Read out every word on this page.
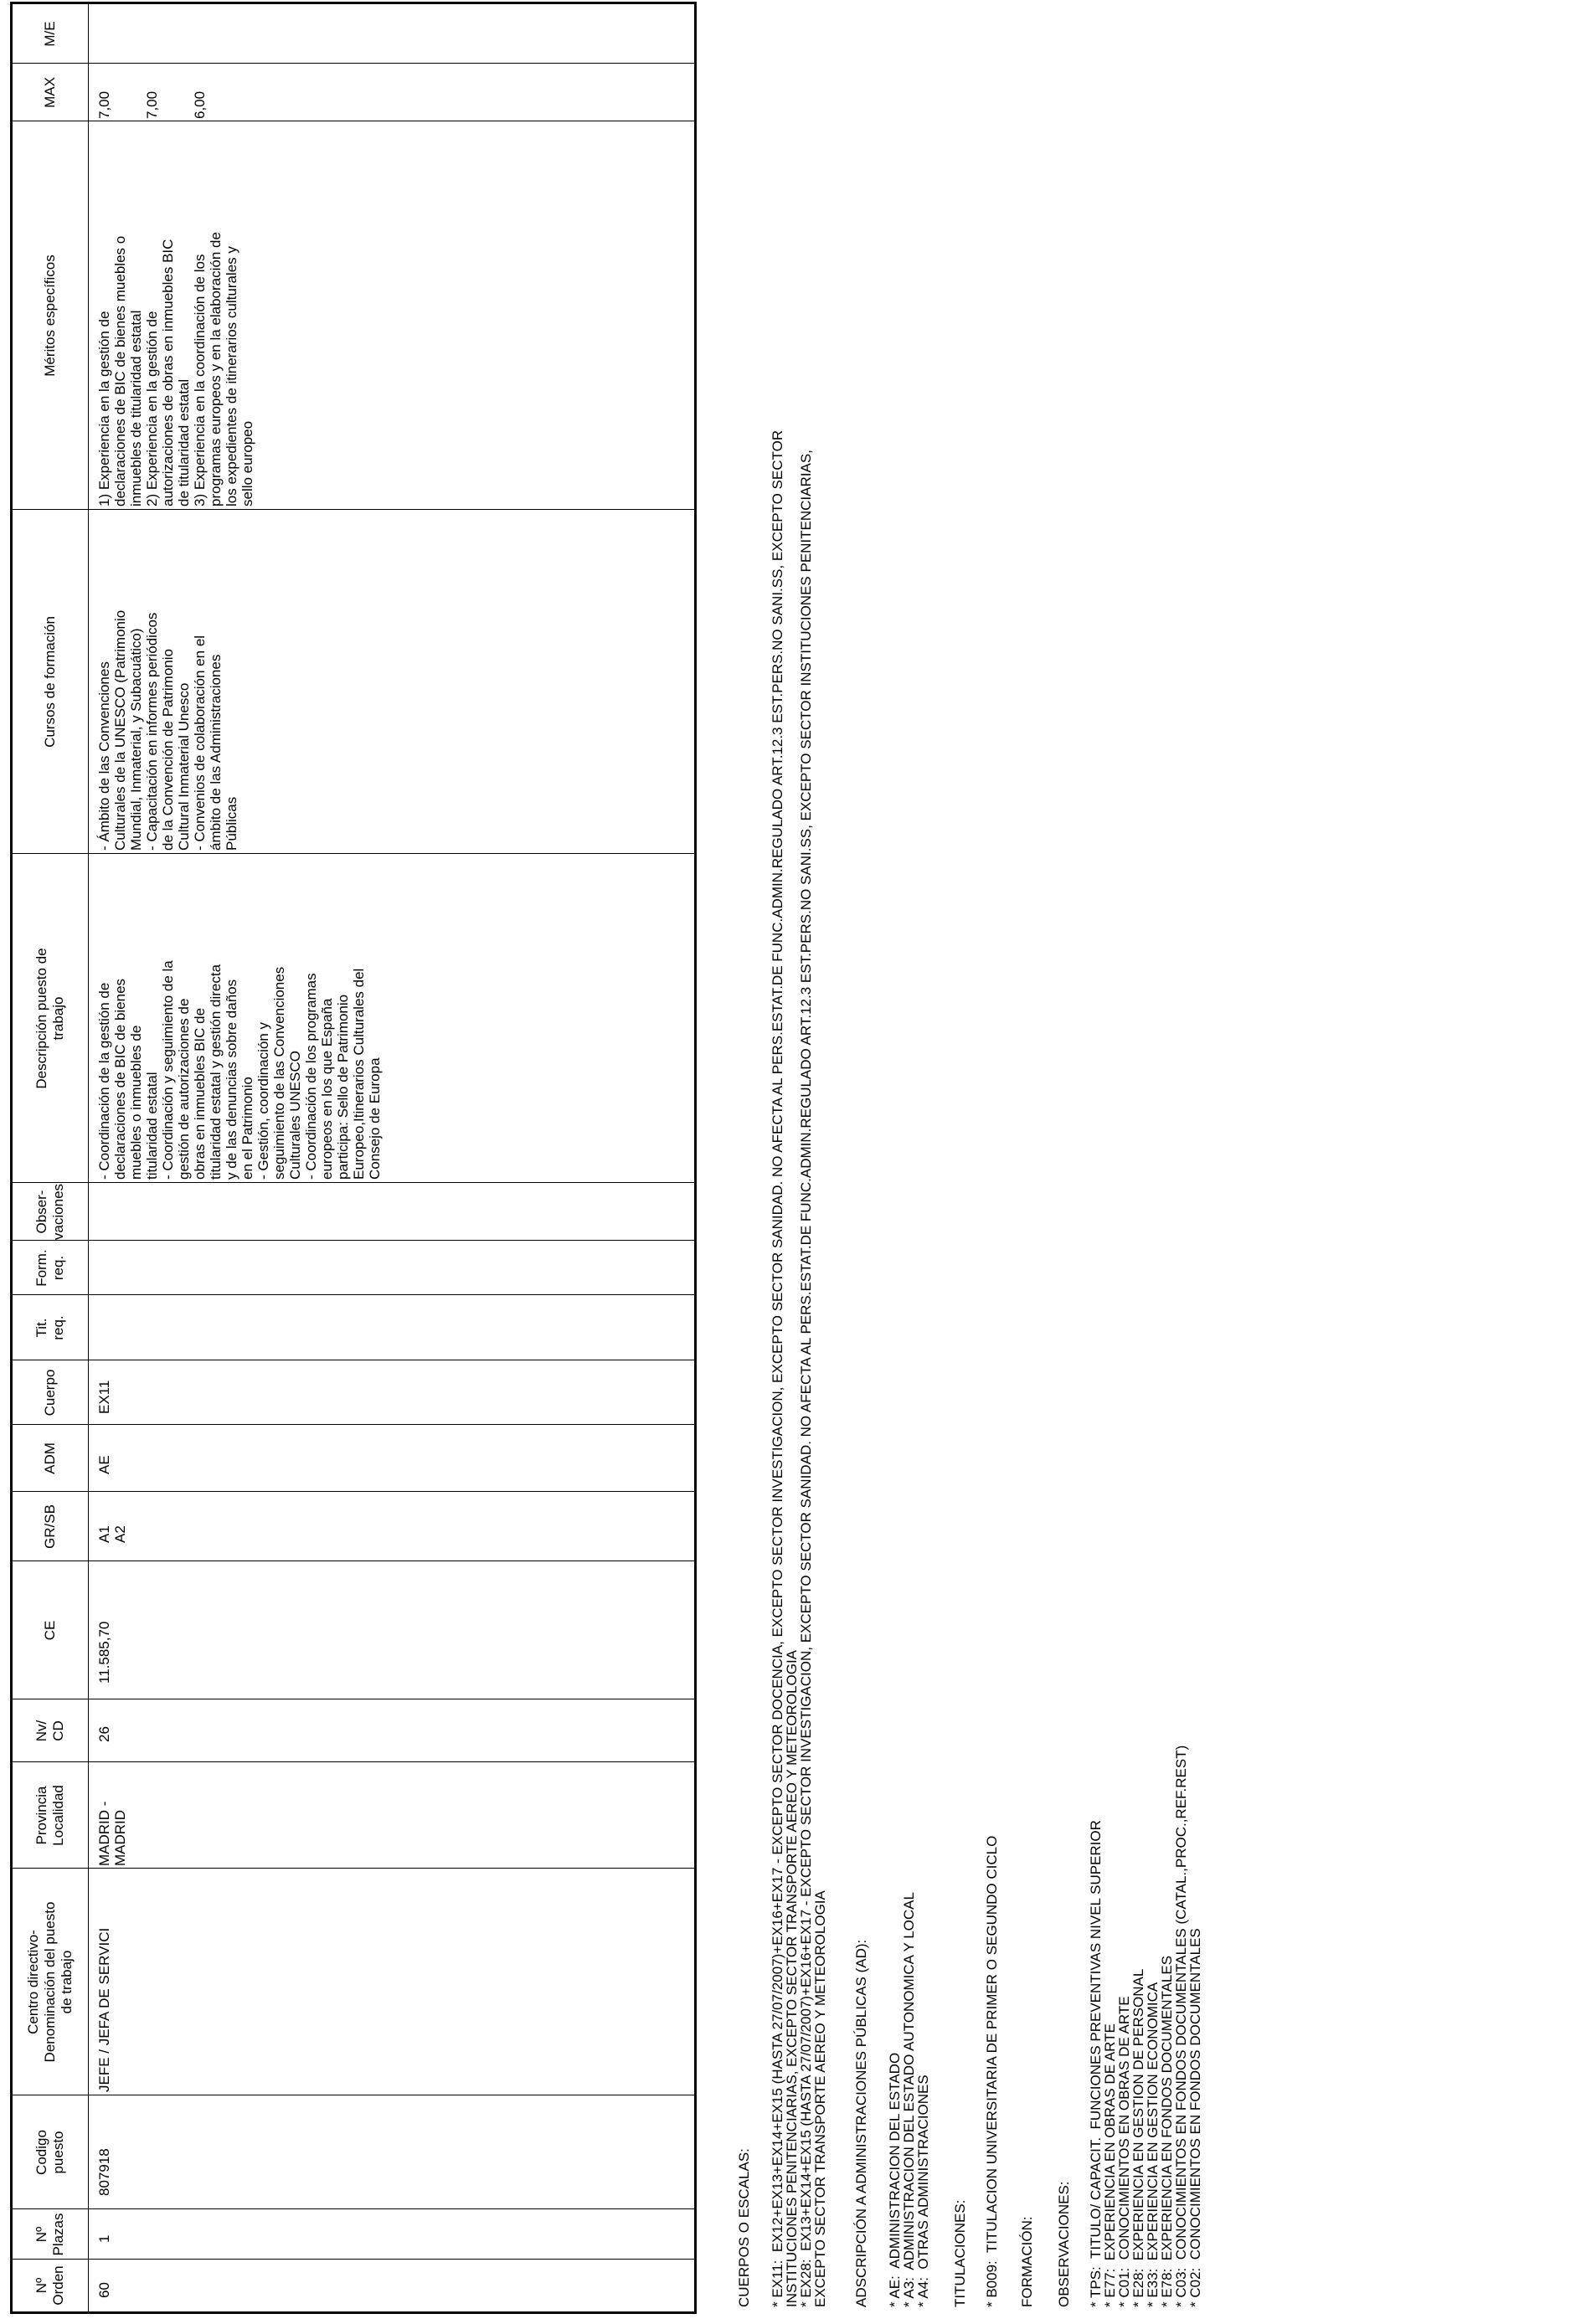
Nº
Orden
Nº
Plazas
Codigo
puesto
Centro directivo-
Denominación del puesto
de trabajo
Provincia
Localidad
Nv/
CD
CE
GR/SB
ADM
Cuerpo
Tit.
req.
Form.
req.
Obser-
vaciones
Descripción puesto de
trabajo
Cursos de formación
Méritos específicos
MAX
M/E
60
1
807918
JEFE / JEFA DE SERVICI
MADRID -
MADRID
26
11.585,70
A1
A2
AE
EX11
- Coordinación de la gestión de
declaraciones de BIC de bienes
muebles o inmuebles de
titularidad estatal
- Coordinación y seguimiento de la
gestión de autorizaciones de
obras en inmuebles BIC de
titularidad estatal y gestión directa
y de las denuncias sobre daños
en el Patrimonio
- Gestión, coordinación y
seguimiento de las Convenciones
Culturales UNESCO
- Coordinación de los programas
europeos en los que España
participa: Sello de Patrimonio
Europeo,Itinerarios Culturales del
Consejo de Europa
- Ámbito de las Convenciones
Culturales de la UNESCO (Patrimonio
Mundial, Inmaterial, y Subacuático)
- Capacitación en informes periódicos
de la Convención de Patrimonio
Cultural Inmaterial Unesco
- Convenios de colaboración en el
ámbito de las Administraciones
Públicas
1) Experiencia en la gestión de
declaraciones de BIC de bienes muebles o
inmuebles de titularidad estatal
2) Experiencia en la gestión de
autorizaciones de obras en inmuebles BIC
de titularidad estatal
3) Experiencia en la coordinación de los
programas europeos y en la elaboración de
los expedientes de itinerarios culturales y
sello europeo
7,00 7,00 6,00
CUERPOS O ESCALAS: * EX11:  EX12+EX13+EX14+EX15 (HASTA 27/07/2007)+EX16+EX17 - EXCEPTO SECTOR DOCENCIA, EXCEPTO SECTOR INVESTIGACION, EXCEPTO SECTOR SANIDAD. NO AFECTA AL PERS.ESTAT.DE FUNC.ADMIN.REGULADO ART.12.3 EST.PERS.NO SANI.SS, EXCEPTO SECTOR
INSTITUCIONES PENITENCIARIAS, EXCEPTO SECTOR TRANSPORTE AEREO Y METEOROLOGIA
* EX28:  EX13+EX14+EX15 (HASTA 27/07/2007)+EX16+EX17 - EXCEPTO SECTOR INVESTIGACION, EXCEPTO SECTOR SANIDAD. NO AFECTA AL PERS.ESTAT.DE FUNC.ADMIN.REGULADO ART.12.3 EST.PERS.NO SANI.SS, EXCEPTO SECTOR INSTITUCIONES PENITENCIARIAS,
EXCEPTO SECTOR TRANSPORTE AEREO Y METEOROLOGIA ADSCRIPCIÓN A ADMINISTRACIONES PÚBLICAS (AD): * AE:  ADMINISTRACION DEL ESTADO
* A3:  ADMINISTRACION DEL ESTADO AUTONOMICA Y LOCAL
* A4:  OTRAS ADMINISTRACIONES
TITULACIONES: * B009:  TITULACION UNIVERSITARIA DE PRIMER O SEGUNDO CICLO FORMACIÓN: OBSERVACIONES: * TPS:  TITULO/ CAPACIT.  FUNCIONES PREVENTIVAS NIVEL SUPERIOR
* E77:  EXPERIENCIA EN OBRAS DE ARTE
* C01:  CONOCIMIENTOS EN OBRAS DE ARTE
* E28:  EXPERIENCIA EN GESTION DE PERSONAL
* E33:  EXPERIENCIA EN GESTION ECONOMICA
* E78:  EXPERIENCIA EN FONDOS DOCUMENTALES
* C03:  CONOCIMIENTOS EN FONDOS DOCUMENTALES (CATAL.,PROC.,REF.REST)
* C02:  CONOCIMIENTOS EN FONDOS DOCUMENTALES
